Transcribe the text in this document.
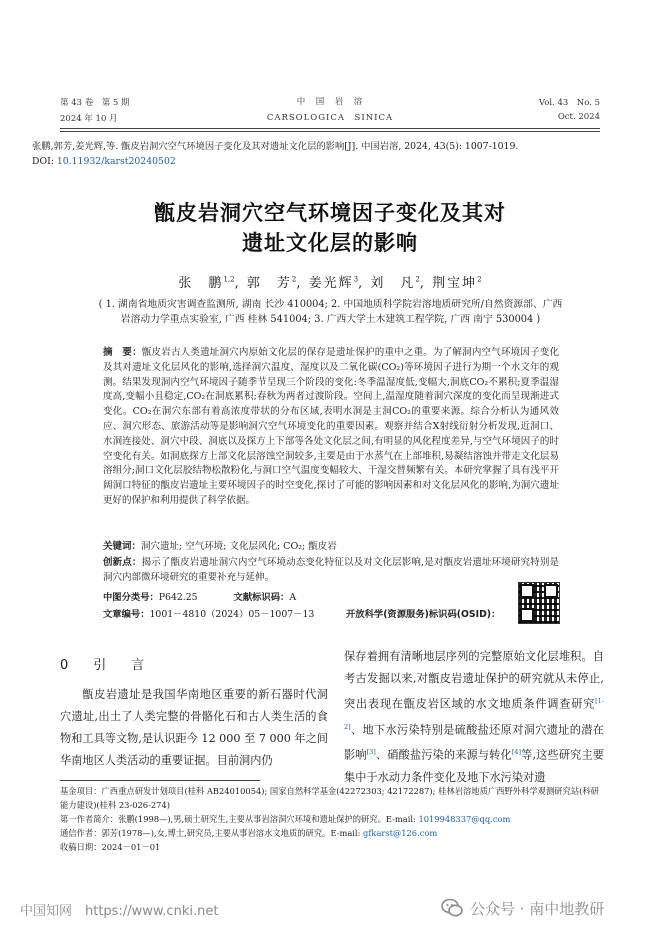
第 43 卷　第 5 期
2024 年 10 月
中　国　岩　溶
CARSOLOGICA　SINICA
Vol. 43　No. 5
Oct. 2024
张鹏,郭芳,姜光辉,等. 甑皮岩洞穴空气环境因子变化及其对遗址文化层的影响[J]. 中国岩溶, 2024, 43(5): 1007-1019.
DOI: 10.11932/karst20240502
甑皮岩洞穴空气环境因子变化及其对
遗址文化层的影响
张　鹏$^{1,2}$, 郭　芳$^2$, 姜光辉$^3$, 刘　凡$^2$, 荆宝坤$^2$
( 1. 湖南省地质灾害调查监测所, 湖南 长沙 410004; 2. 中国地质科学院岩溶地质研究所/自然资源部、广西
岩溶动力学重点实验室, 广西 桂林 541004; 3. 广西大学土木建筑工程学院, 广西 南宁 530004 )
摘　要：甑皮岩古人类遗址洞穴内原始文化层的保存是遗址保护的重中之重。为了解洞内空气环境因子变化及其对遗址文化层风化的影响,选择洞穴温度、湿度以及二氧化碳(CO₂)等环境因子进行为期一个水文年的观测。结果发现洞内空气环境因子随季节呈现三个阶段的变化:冬季温湿度低,变幅大,洞底CO₂不累积;夏季温湿度高,变幅小且稳定,CO₂在洞底累积;春秋为两者过渡阶段。空间上,温湿度随着洞穴深度的变化而呈现渐进式变化。CO₂在洞穴东部有着高浓度带状的分布区域,表明水洞是主洞CO₂的重要来源。综合分析认为通风效应、洞穴形态、旅游活动等是影响洞穴空气环境变化的重要因素。观察并结合X射线衍射分析发现,近洞口、水洞连接处、洞穴中段、洞底以及探方上下部等各处文化层之间,有明显的风化程度差异,与空气环境因子的时空变化有关。如洞底探方上部文化层溶蚀空洞较多,主要是由于水蒸气在上部堆积,易凝结溶蚀并带走文化层易溶组分;洞口文化层胶结物松散粉化,与洞口空气温度变幅较大、干湿交替频繁有关。本研究掌握了具有浅平开阔洞口特征的甑皮岩遗址主要环境因子的时空变化,探讨了可能的影响因素和对文化层风化的影响,为洞穴遗址更好的保护和利用提供了科学依据。
关键词：洞穴遗址; 空气环境; 文化层风化; CO₂; 甑皮岩
创新点：揭示了甑皮岩遗址洞穴内空气环境动态变化特征以及对文化层影响,是对甑皮岩遗址环境研究特别是洞穴内部微环境研究的重要补充与延伸。
中图分类号：P642.25	文献标识码：A
文章编号：1001－4810（2024）05－1007－13	开放科学(资源服务)标识码(OSID)：
0　引　言
甑皮岩遗址是我国华南地区重要的新石器时代洞穴遗址,出土了人类完整的骨骼化石和古人类生活的食物和工具等文物,是认识距今 12 000 至 7 000 年之间华南地区人类活动的重要证据。目前洞内仍
保存着拥有清晰地层序列的完整原始文化层堆积。自考古发掘以来,对甑皮岩遗址保护的研究就从未停止,突出表现在甑皮岩区域的水文地质条件调查研究[1-2]、地下水污染特别是硫酸盐还原对洞穴遗址的潜在影响[3]、硝酸盐污染的来源与转化[4]等,这些研究主要集中于水动力条件变化及地下水污染对遗
基金项目：广西重点研发计划项目(桂科 AB24010054); 国家自然科学基金(42272303; 42172287); 桂林岩溶地质广西野外科学观测研究站(科研能力建设)(桂科 23-026-274)
第一作者简介：张鹏(1998—),男,硕士研究生,主要从事岩溶洞穴环境和遗址保护的研究。E-mail: 1019948337@qq.com
通信作者：郭芳(1978—),女,博士,研究员,主要从事岩溶水文地质的研究。E-mail: gfkarst@126.com
收稿日期：2024－01－01
中国知网　https://www.cnki.net	公众号 · 南中地教研
